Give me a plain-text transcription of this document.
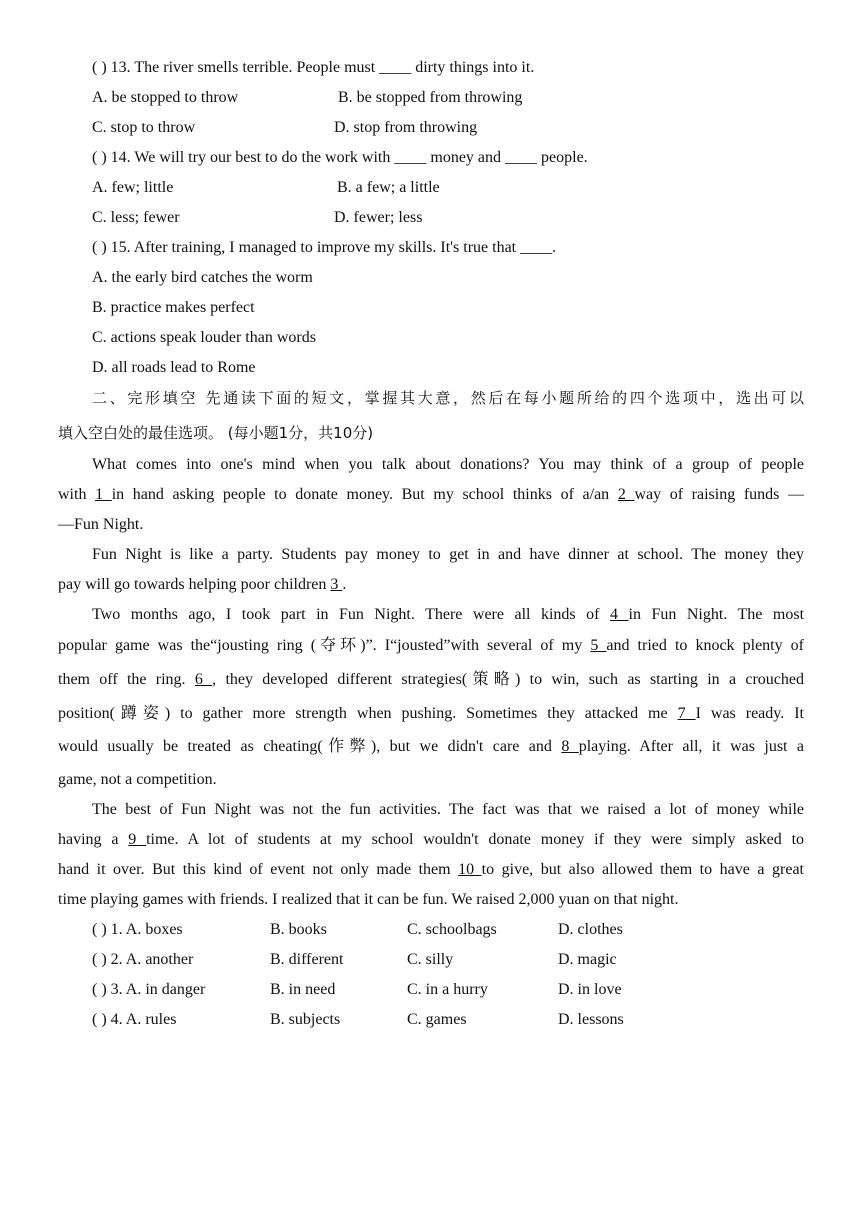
( ) 13. The river smells terrible. People must ____ dirty things into it.
A. be stopped to throw	B. be stopped from throwing
C. stop to throw	D. stop from throwing
( ) 14. We will try our best to do the work with ____ money and ____ people.
A. few; little	B. a few; a little
C. less; fewer	D. fewer; less
( ) 15. After training, I managed to improve my skills. It's true that ____.
A. the early bird catches the worm
B. practice makes perfect
C. actions speak louder than words
D. all roads lead to Rome
二、完形填空 先通读下面的短文，掌握其大意，然后在每小题所给的四个选项中，选出可以
填入空白处的最佳选项。 (每小题1分，共10分)
What comes into one's mind when you talk about donations? You may think of a group of people
with 1 in hand asking people to donate money. But my school thinks of a/an 2 way of raising funds —
—Fun Night.
Fun Night is like a party. Students pay money to get in and have dinner at school. The money they
pay will go towards helping poor children 3 .
Two months ago, I took part in Fun Night. There were all kinds of 4 in Fun Night. The most
popular game was the“jousting ring (夺环)”. I“jousted”with several of my 5 and tried to knock plenty of
them off the ring. 6 , they developed different strategies(策略) to win, such as starting in a crouched
position(蹲姿) to gather more strength when pushing. Sometimes they attacked me 7 I was ready. It
would usually be treated as cheating(作弊), but we didn't care and 8 playing. After all, it was just a
game, not a competition.
The best of Fun Night was not the fun activities. The fact was that we raised a lot of money while
having a 9 time. A lot of students at my school wouldn't donate money if they were simply asked to
hand it over. But this kind of event not only made them 10 to give, but also allowed them to have a great
time playing games with friends. I realized that it can be fun. We raised 2,000 yuan on that night.
( ) 1. A. boxes	B. books	C. schoolbags	D. clothes
( ) 2. A. another	B. different	C. silly	D. magic
( ) 3. A. in danger	B. in need	C. in a hurry	D. in love
( ) 4. A. rules	B. subjects	C. games	D. lessons
